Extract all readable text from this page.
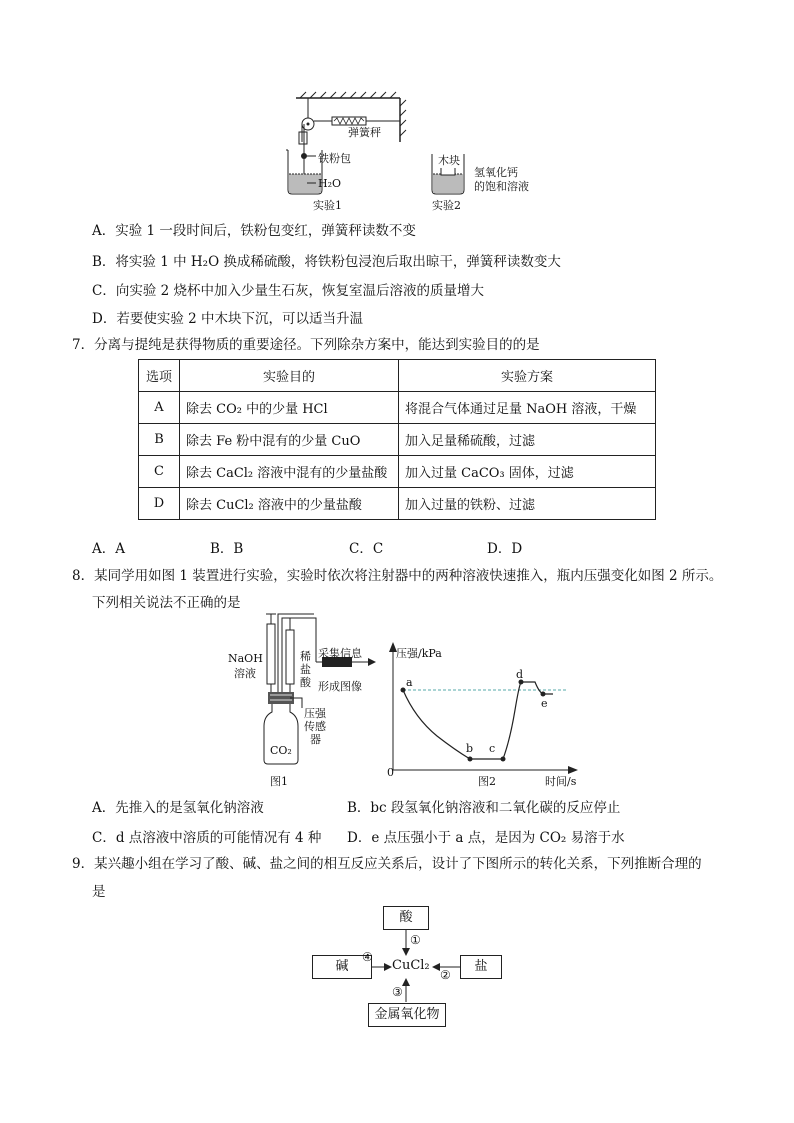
弹簧秤
铁粉包
H₂O
实验1
木块
氢氧化钙
的饱和溶液
实验2
A．实验 1 一段时间后，铁粉包变红，弹簧秤读数不变
B．将实验 1 中 H₂O 换成稀硫酸，将铁粉包浸泡后取出晾干，弹簧秤读数变大
C．向实验 2 烧杯中加入少量生石灰，恢复室温后溶液的质量增大
D．若要使实验 2 中木块下沉，可以适当升温
7．分离与提纯是获得物质的重要途径。下列除杂方案中，能达到实验目的的是
选项	实验目的	实验方案
A	除去 CO₂ 中的少量 HCl	将混合气体通过足量 NaOH 溶液，干燥
B	除去 Fe 粉中混有的少量 CuO	加入足量稀硫酸，过滤
C	除去 CaCl₂ 溶液中混有的少量盐酸	加入过量 CaCO₃ 固体，过滤
D	除去 CuCl₂ 溶液中的少量盐酸	加入过量的铁粉、过滤
A．A	B．B	C．C	D．D
8．某同学用如图 1 装置进行实验，实验时依次将注射器中的两种溶液快速推入，瓶内压强变化如图 2 所示。
下列相关说法不正确的是
NaOH
溶液
稀
盐
酸
采集信息
形成图像
压强
传感
器
CO₂
图1
压强/kPa
时间/s
0
图2
a
b c
d
e
A．先推入的是氢氧化钠溶液	B．bc 段氢氧化钠溶液和二氧化碳的反应停止
C．d 点溶液中溶质的可能情况有 4 种 D．e 点压强小于 a 点，是因为 CO₂ 易溶于水
9．某兴趣小组在学习了酸、碱、盐之间的相互反应关系后，设计了下图所示的转化关系，下列推断合理的
是
酸
碱	CuCl₂	盐
金属氧化物
①
④
②
③
